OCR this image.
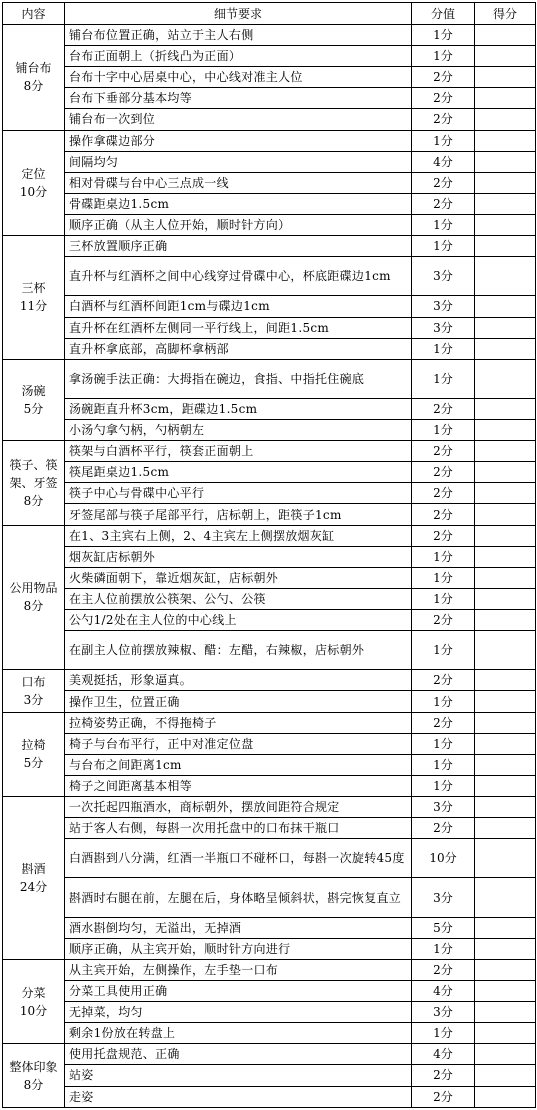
内容	细节要求	分值	得分

铺台布
8分	铺台布位置正确，站立于主人右侧	1分	
	台布正面朝上（折线凸为正面）	1分	
	台布十字中心居桌中心，中心线对准主人位	2分	
	台布下垂部分基本均等	2分	
	铺台布一次到位	2分	

定位
10分	操作拿碟边部分	1分	
	间隔均匀	4分	
	相对骨碟与台中心三点成一线	2分	
	骨碟距桌边1.5cm	2分	
	顺序正确（从主人位开始，顺时针方向）	1分	

三杯
11分	三杯放置顺序正确	1分	
	直升杯与红酒杯之间中心线穿过骨碟中心，杯底距碟边1cm	3分	
	白酒杯与红酒杯间距1cm与碟边1cm	3分	
	直升杯在红酒杯左侧同一平行线上，间距1.5cm	3分	
	直升杯拿底部，高脚杯拿柄部	1分	

汤碗
5分	拿汤碗手法正确：大拇指在碗边，食指、中指托住碗底	1分	
	汤碗距直升杯3cm，距碟边1.5cm	2分	
	小汤勺拿勺柄，勺柄朝左	1分	

筷子、筷架、牙签
8分	筷架与白酒杯平行，筷套正面朝上	2分	
	筷尾距桌边1.5cm	2分	
	筷子中心与骨碟中心平行	2分	
	牙签尾部与筷子尾部平行，店标朝上，距筷子1cm	2分	

公用物品
8分	在1、3主宾右上侧，2、4主宾左上侧摆放烟灰缸	2分	
	烟灰缸店标朝外	1分	
	火柴磷面朝下，靠近烟灰缸，店标朝外	1分	
	在主人位前摆放公筷架、公勺、公筷	1分	
	公勺1/2处在主人位的中心线上	2分	
	在副主人位前摆放辣椒、醋：左醋，右辣椒，店标朝外	1分	

口布
3分	美观挺括，形象逼真。	2分	
	操作卫生，位置正确	1分	

拉椅
5分	拉椅姿势正确，不得拖椅子	2分	
	椅子与台布平行，正中对准定位盘	1分	
	与台布之间距离1cm	1分	
	椅子之间距离基本相等	1分	

斟酒
24分	一次托起四瓶酒水，商标朝外，摆放间距符合规定	3分	
	站于客人右侧，每斟一次用托盘中的口布抹干瓶口	2分	
	白酒斟到八分满，红酒一半瓶口不碰杯口，每斟一次旋转45度	10分	
	斟酒时右腿在前，左腿在后，身体略呈倾斜状，斟完恢复直立	3分	
	酒水斟倒均匀，无溢出，无掉酒	5分	
	顺序正确，从主宾开始，顺时针方向进行	1分	

分菜
10分	从主宾开始，左侧操作，左手垫一口布	2分	
	分菜工具使用正确	4分	
	无掉菜，均匀	3分	
	剩余1份放在转盘上	1分	

整体印象
8分	使用托盘规范、正确	4分	
	站姿	2分	
	走姿	2分	
